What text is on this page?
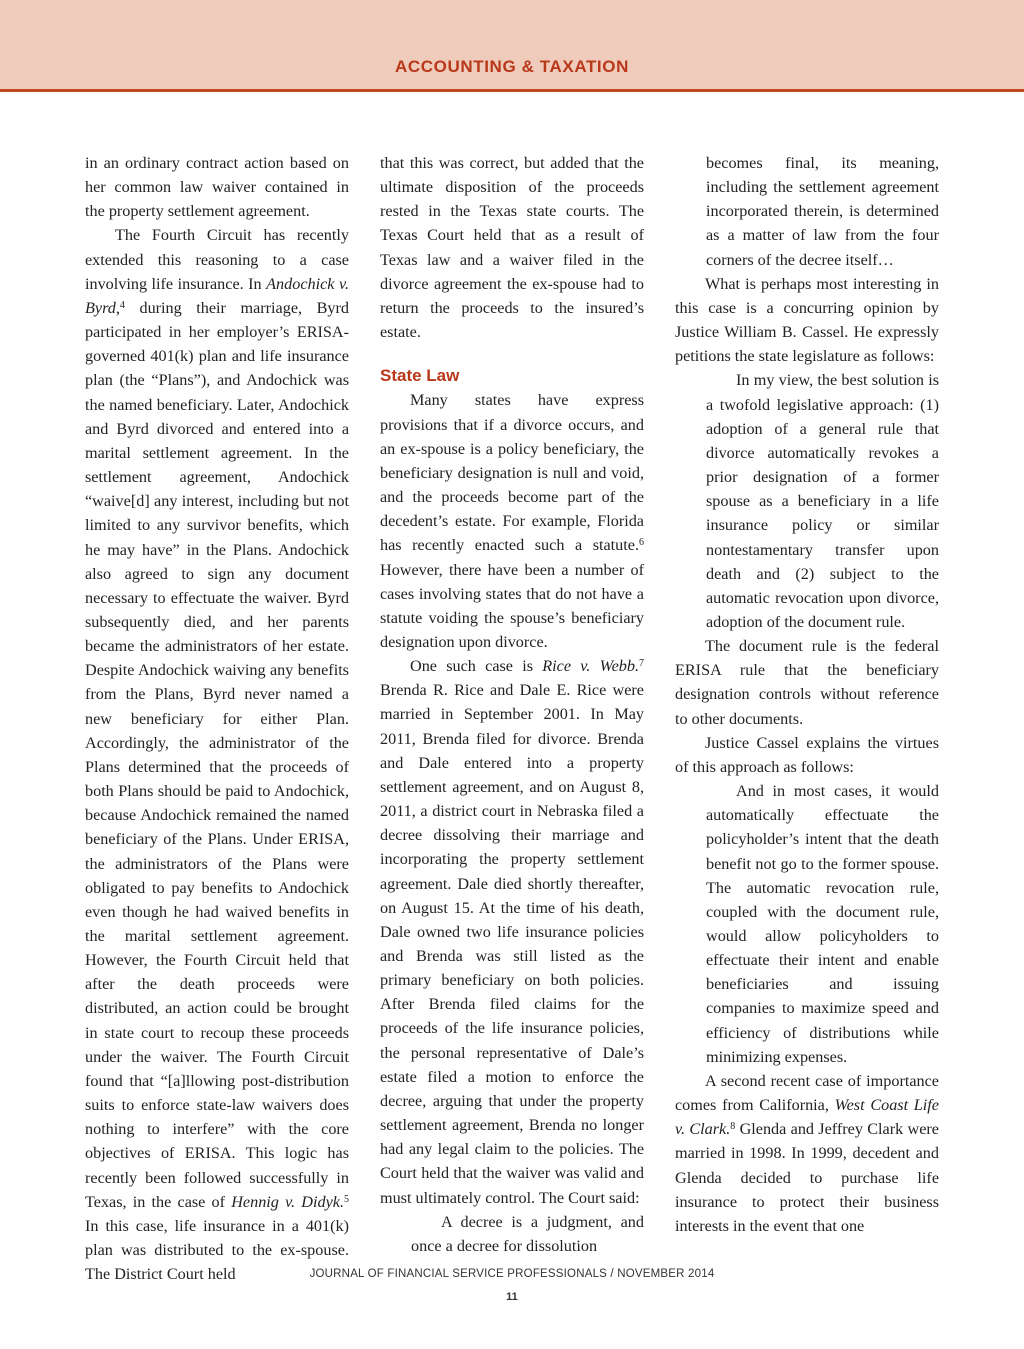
ACCOUNTING & TAXATION

in an ordinary contract action based on her common law waiver contained in the property settlement agreement.

The Fourth Circuit has recently extended this reasoning to a case involving life insurance. In Andochick v. Byrd,$^4$ during their marriage, Byrd participated in her employer’s ERISA-governed 401(k) plan and life insurance plan (the “Plans”), and Andochick was the named beneficiary. Later, Andochick and Byrd divorced and entered into a marital settlement agreement. In the settlement agreement, Andochick “waive[d] any interest, including but not limited to any survivor benefits, which he may have” in the Plans. Andochick also agreed to sign any document necessary to effectuate the waiver. Byrd subsequently died, and her parents became the administrators of her estate. Despite Andochick waiving any benefits from the Plans, Byrd never named a new beneficiary for either Plan. Accordingly, the administrator of the Plans determined that the proceeds of both Plans should be paid to Andochick, because Andochick remained the named beneficiary of the Plans. Under ERISA, the administrators of the Plans were obligated to pay benefits to Andochick even though he had waived benefits in the marital settlement agreement. However, the Fourth Circuit held that after the death proceeds were distributed, an action could be brought in state court to recoup these proceeds under the waiver. The Fourth Circuit found that “[a]llowing post-distribution suits to enforce state-law waivers does nothing to interfere” with the core objectives of ERISA. This logic has recently been followed successfully in Texas, in the case of Hennig v. Didyk.$^5$ In this case, life insurance in a 401(k) plan was distributed to the ex-spouse. The District Court held

that this was correct, but added that the ultimate disposition of the proceeds rested in the Texas state courts. The Texas Court held that as a result of Texas law and a waiver filed in the divorce agreement the ex-spouse had to return the proceeds to the insured’s estate.

State Law

Many states have express provisions that if a divorce occurs, and an ex-spouse is a policy beneficiary, the beneficiary designation is null and void, and the proceeds become part of the decedent’s estate. For example, Florida has recently enacted such a statute.$^6$ However, there have been a number of cases involving states that do not have a statute voiding the spouse’s beneficiary designation upon divorce.

One such case is Rice v. Webb.$^7$ Brenda R. Rice and Dale E. Rice were married in September 2001. In May 2011, Brenda filed for divorce. Brenda and Dale entered into a property settlement agreement, and on August 8, 2011, a district court in Nebraska filed a decree dissolving their marriage and incorporating the property settlement agreement. Dale died shortly thereafter, on August 15. At the time of his death, Dale owned two life insurance policies and Brenda was still listed as the primary beneficiary on both policies. After Brenda filed claims for the proceeds of the life insurance policies, the personal representative of Dale’s estate filed a motion to enforce the decree, arguing that under the property settlement agreement, Brenda no longer had any legal claim to the policies. The Court held that the waiver was valid and must ultimately control. The Court said:

A decree is a judgment, and once a decree for dissolution

becomes final, its meaning, including the settlement agreement incorporated therein, is determined as a matter of law from the four corners of the decree itself…

What is perhaps most interesting in this case is a concurring opinion by Justice William B. Cassel. He expressly petitions the state legislature as follows:

In my view, the best solution is a twofold legislative approach: (1) adoption of a general rule that divorce automatically revokes a prior designation of a former spouse as a beneficiary in a life insurance policy or similar nontestamentary transfer upon death and (2) subject to the automatic revocation upon divorce, adoption of the document rule.

The document rule is the federal ERISA rule that the beneficiary designation controls without reference to other documents.

Justice Cassel explains the virtues of this approach as follows:

And in most cases, it would automatically effectuate the policyholder’s intent that the death benefit not go to the former spouse. The automatic revocation rule, coupled with the document rule, would allow policyholders to effectuate their intent and enable beneficiaries and issuing companies to maximize speed and efficiency of distributions while minimizing expenses.

A second recent case of importance comes from California, West Coast Life v. Clark.$^8$ Glenda and Jeffrey Clark were married in 1998. In 1999, decedent and Glenda decided to purchase life insurance to protect their business interests in the event that one

JOURNAL OF FINANCIAL SERVICE PROFESSIONALS / NOVEMBER 2014
11
